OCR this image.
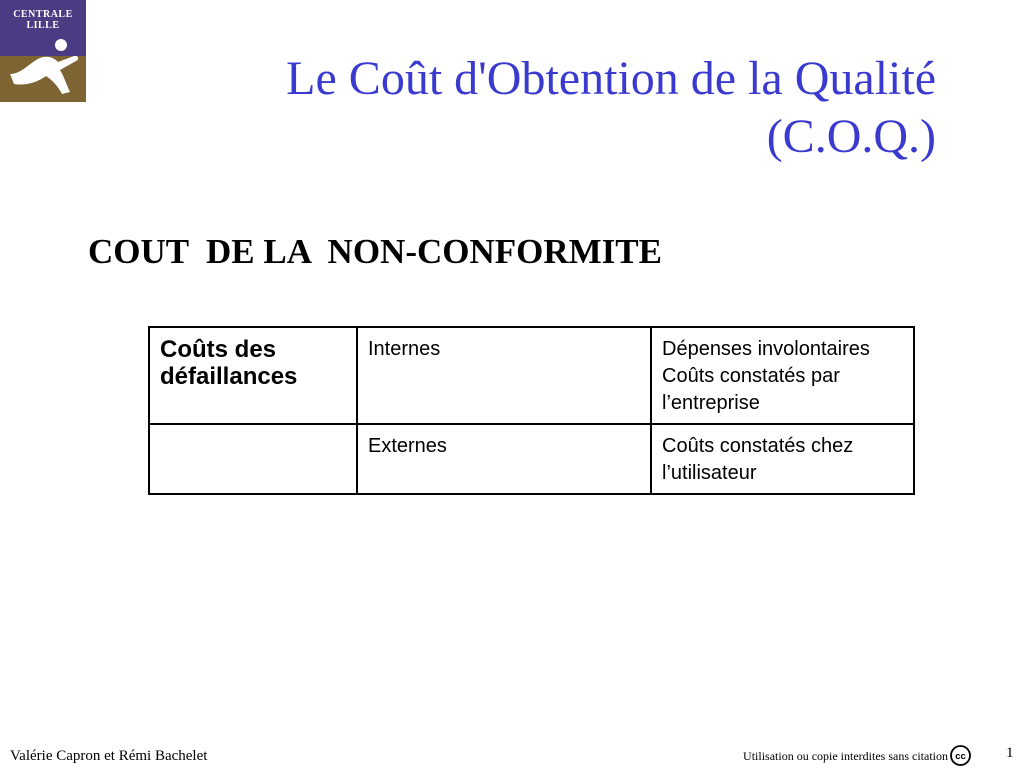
CENTRALE
LILLE
Le Coût d'Obtention de la Qualité
(C.O.Q.)
COUT  DE LA  NON-CONFORMITE
Coûts des défaillances	Internes	Dépenses involontaires
Coûts constatés par
l’entreprise

	Externes	Coûts constatés chez
l’utilisateur
Valérie Capron et Rémi Bachelet	Utilisation ou copie interdites sans citation cc	1
